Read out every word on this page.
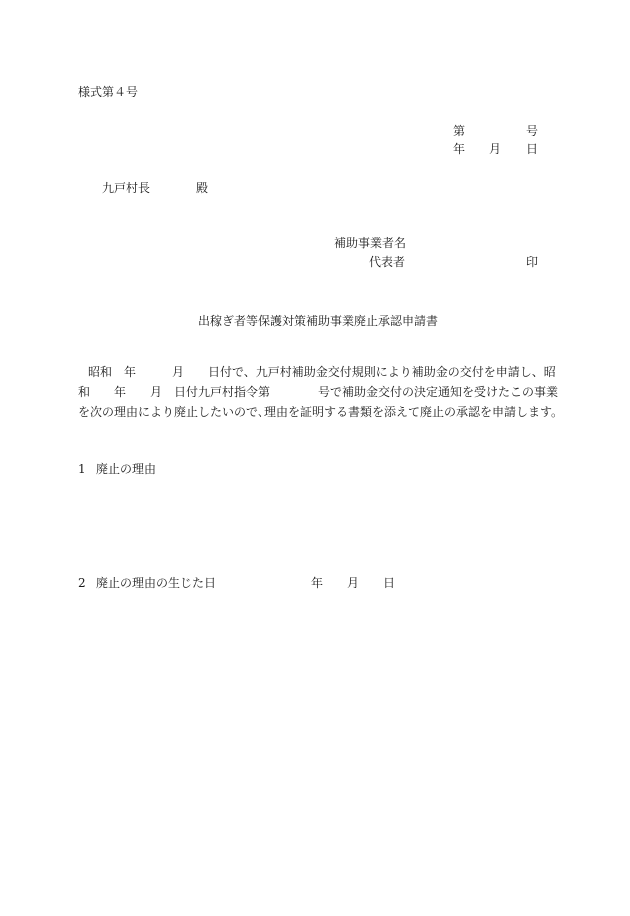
様式第４号
第	号
年 月 日
九戸村長	殿
補助事業者名
代表者	印
出稼ぎ者等保護対策補助事業廃止承認申請書
昭和 年	月 日付で、九戸村補助金交付規則により補助金の交付を申請し、昭
和 年 月 日付九戸村指令第	号で補助金交付の決定通知を受けたこの事業
を次の理由により廃止したいので､理由を証明する書類を添えて廃止の承認を申請します。
1 廃止の理由
2 廃止の理由の生じた日	年 月 日
